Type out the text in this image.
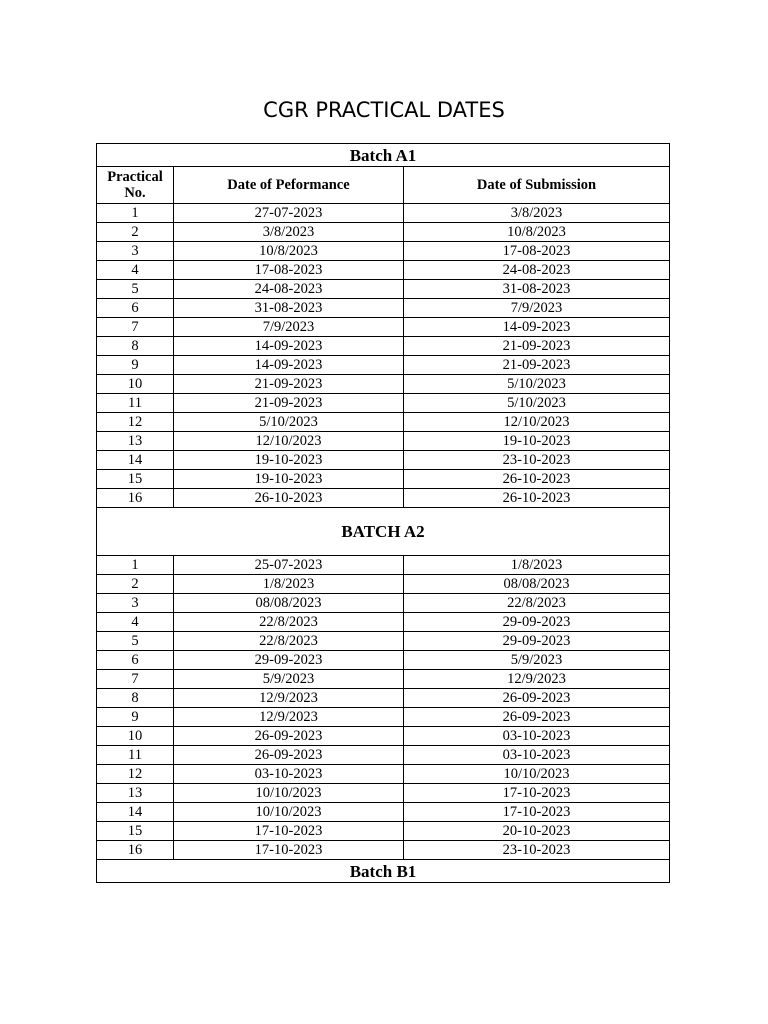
CGR PRACTICAL DATES
Batch A1		
Practical No.	Date of Peformance	Date of Submission
1	27-07-2023	3/8/2023
2	3/8/2023	10/8/2023
3	10/8/2023	17-08-2023
4	17-08-2023	24-08-2023
5	24-08-2023	31-08-2023
6	31-08-2023	7/9/2023
7	7/9/2023	14-09-2023
8	14-09-2023	21-09-2023
9	14-09-2023	21-09-2023
10	21-09-2023	5/10/2023
11	21-09-2023	5/10/2023
12	5/10/2023	12/10/2023
13	12/10/2023	19-10-2023
14	19-10-2023	23-10-2023
15	19-10-2023	26-10-2023
16	26-10-2023	26-10-2023
BATCH A2		
1	25-07-2023	1/8/2023
2	1/8/2023	08/08/2023
3	08/08/2023	22/8/2023
4	22/8/2023	29-09-2023
5	22/8/2023	29-09-2023
6	29-09-2023	5/9/2023
7	5/9/2023	12/9/2023
8	12/9/2023	26-09-2023
9	12/9/2023	26-09-2023
10	26-09-2023	03-10-2023
11	26-09-2023	03-10-2023
12	03-10-2023	10/10/2023
13	10/10/2023	17-10-2023
14	10/10/2023	17-10-2023
15	17-10-2023	20-10-2023
16	17-10-2023	23-10-2023
Batch B1		
